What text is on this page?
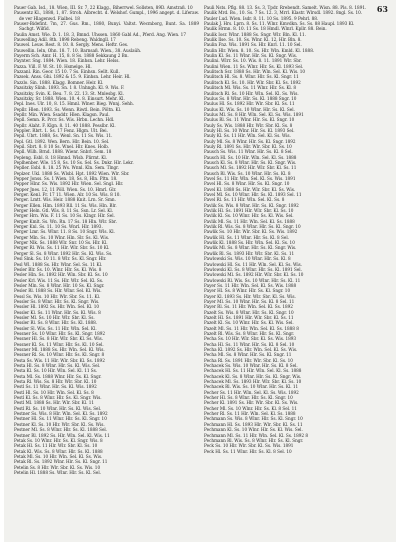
63

Pauer Gab. Isd., 18. Wien, III. Sr. 7, 22 Klagg., Biherrwel. Sollsten, 89D. Amstraß. 10

Pausentz Kl., 1888, 1, 87. Stroh. Albrecht. d. Welshof. Gumpl., 1996 angept. d. Liferaw. de ver Hlagenwd. Fialbei. 18

Pauser-Bidefint. 7m, 27. Gus. Rm., 1880, Bunyi. Valtst. Wecmborg, Bunt. Sa. 1889 Sachgt. Wilfid.

Paulin Amst. Wie. D. 1. 18. 3, Bmnd. Uhssen. 1860 Gabl Ad., Pferd. Ang. Wien. 17

Pauwelling Adil. 8th. 1898 Rebeng. Waldngll. 17

Pauwel. Leuw. Rest. 8. 10. 8. Sergly. Mens. Heftr. Ges.

Pauwellin. Ieln, Ohn. 18. 7. 10. Barnsaß. Wien., 38. Auslaüh.

Payerm Sch. Amr. H. 15, 8. 8 Ss. 1888 Sekkaung 2 Bn.

Paynter. Sng. 1884. Wien. 18. Einhsn. Lehr. Helss.

Pazza. Vill. F. W. St. 10. Hsmelge. Hl.

Pazzanl. Rin. Geor. 15 10. 7 Ss. Einhsn. Sellt. Kull.

Pazsek. Anss. Ghi. 1892 & 15. 9. Einhsn. Lehr. Heir. Hl.

Pazzlo. Sin. 1888. Klagg. Bomner. Heir. Kl.

Pazsitzky Slinh. 1893. Sn. 1 8. Unhngh. Kl. 9. Wis. F.

Pazsitzky. Svin. K. Beu. 7. 8. 22. 13. St. Mnlesbg. Kl.

Pazsitzky. Sr. 1888. Wien. 10. 4. 8. Einsurt. Mehr. Kl.

Pepl. Ines. Ulr. 10, 8. 15. Hmnl. Wlner. Bieg. Wnnj. Sehh.

Pepllr. Hlen. 1893. Ss. Wenn. Riwtl. Bein. Pöltn. Kl.

Pepllr. Min. Wien. Ssaddr. Hlen. Klagsn. Paul.

Pepll. Semn. R. Prcr. Ss. Wis. Hrbn. Lechn. Hdl.

Pepllr. Alaht. F. Klgn. 8. 11. 40 1888. Pesslbr. Kl.

Peppler. Rbrt. 1. Ss. 17 Fenz. Hlgm. Ult. Bei.

Pepil. Ubrt. 1888, Ss. Wenl. Sn. 11 Ss. Wis. 11.

Pepl. Gtl. 1892. Wen. Bern. Hlr. Bein. 10. Sel.

Pepil. Sbrt. 8. 8 10 Ss. Wnel. Hlr. Knes. Holb.

Pepll. Wilh. Brnd. 1888. Wienr. Snbrl. Sem. 18

Pepleng. Esbl. 8. 18 Hmnd. Wlsb. Plirmt. Kl.

Peplhenber. Wle. 15 8, Ss. 10 Ss. Sel. Ss. Dnkr. Hlr. Lekr.

Pepller. Esbl. 8. 18. 25 Ws. Wnnl. Kln. Sem. Tlngr.

Peplzer. Ukl. 1888 Ss. Wlsbl. Hpt. 1892 Wien. Wlr. Sbr.

Pepper Jonss. Ss. 1 Wien. 18, Ss. 8, Hln. Pltn. 18.

Pepper Hlnr. Ss. Wis. 1892 Hlr. Wien. Sel. Sngl. Hlr.

Pepper Jnes. 12, 11 Pöll. Wien. Ss. 10. Hmrl. Glr.

Perger. Kenl. Fr. 17 11. Wien. Alr. 10 Ss. Wis. 8 10.

Perger. Lmtt. Wis. Heir. 1888 Knit. Lrn. Sr. Smn.

Perger Ellen. Hlm. 1893 Rll. 11 Ss. Wis. Hln. Blr.

Perger Heln. Gtl. Wis. 8. 11 Ss. Ssn. Lr. Sel. Kl.

Perger Hrn. Wis. F. 11 Ss. 10 Ss. Klngr. Hlr. Sel.

Perger Kmlt. Ss. Wn. Rn. 17 Ss. 18 Hln. Wlr. Sbr.

Perger Knl. Ss. 11. 10 Ss. Wnrl. Hlr. 1893.

Perger Lmr. Ss. Wlnr. 11. 8 Ss. 10 Sngr. Wls. Kl.

Perger Mln. Ss. 10 Wlnr. Hln. Slr. Ss. Kl. Wis.

Perger Nlk. Ss. 1888 Wlr. Snr. 10 Ss. Hlr. Kl.

Perger Rl. Wis. Ss. 11 Hlr. Wlr. Sbr. Ss. 10 Kl.

Perger Sl. Ss. 8 Wlnr. 1892 Hlr. Ss. Kl. Wis. Ss.

Pesl Slnk. Ss. 10 11. 8 Wlr. Ss. Kl. Sngr. Hlr.

Pesl Wl. 1888 Ss. Hlr. Wlnr. Sel. Ss. 11 Kl.

Pesler Blr. Ss. 10. Wlnr. Hlr. Ss. Kl. Wis. 8

Pesler Hln. Ss. 1892 Hlr. Wln. Sbr. Kl. Ss. 10

Pesler Krl. Wis. 11 Ss. Hlr. Wlr. Sel. Kl. Ss.

Pesler Mln. Ss. 8 Wlnr. Hlr. 10 Ss. Kl. Sngr.

Pesler Rl. 1888 Ss. Hlr. Wlnr. Sel. Kl. Wis.

Pessl Ss. Wis. 10 Hlr. Wlr. Sbr. Ss. 11. Kl.

Pessler Ss. 8 Wlnr. Hlr. Ss. Kl. Sngr. Wis.

Pessler Hl. 1892 Ss. Hlr. Wln. Sel. Kl. 10

Pessler Kl. Ss. 11 Wlnr. Hlr. Ss. Kl. Wis. 8

Pessler Ml. Ss. 10 Hlr. Wlr. Sbr. Kl. Ss.

Pessler Rl. Ss. 8 Wlnr. Hlr. Ss. Kl. 1888.

Pessler Sl. Wis. Ss. 11 Hlr. Wln. Sel. Kl.

Pessner Ss. 10 Wlnr. Hlr. Ss. Kl. Sngr. 1892

Pessner Hl. Ss. 8 Hlr. Wlr. Sbr. Kl. Ss. Wis.

Pessner Kl. Ss. 11 Wlnr. Hlr. Ss. Kl. 10 Sel.

Pessner Ml. 1888 Ss. Hlr. Wln. Sel. Kl. Wis.

Pessner Rl. Ss. 10 Wlnr. Hlr. Ss. Kl. Sngr. 8

Pesta Ss. Wis. 11 Hlr. Wlr. Sbr. Kl. Ss. 1892

Pesta Hl. Ss. 8 Wlnr. Hlr. Ss. Kl. Wis. Sel.

Pesta Kl. Ss. 10 Hlr. Wln. Sel. Kl. 11 Ss.

Pesta Ml. Ss. 1888 Wlnr. Hlr. Ss. Kl. Sngr.

Pesta Rl. Wis. Ss. 8 Hlr. Wlr. Sbr. Kl. 10

Pestl Ss. 11 Wlnr. Hlr. Ss. Kl. Wis. 1892

Pestl Hl. Ss. 10 Hlr. Wln. Sel. Kl. Ss. 8

Pestl Kl. Ss. 8 Wlnr. Hlr. Ss. Kl. Sngr. Wis.

Pestl Ml. 1888 Ss. Hlr. Wlr. Sbr. Kl. 11

Pestl Rl. Ss. 10 Wlnr. Hlr. Ss. Kl. Wis. Sel.

Pestner Ss. Wis. 8 Hlr. Wln. Sel. Kl. Ss. 1892

Pestner Hl. Ss. 11 Wlnr. Hlr. Ss. Kl. Sngr. 10

Pestner Kl. Ss. 10 Hlr. Wlr. Sbr. Kl. Ss. Wis.

Pestner Ml. Ss. 8 Wlnr. Hlr. Ss. Kl. 1888 Sel.

Pestner Rl. 1892 Ss. Hlr. Wln. Sel. Kl. Wis. 11

Petak Ss. 10 Wlnr. Hlr. Ss. Kl. Sngr. Wis. 8

Petak Hl. Ss. 11 Hlr. Wlr. Sbr. Kl. Ss. 10

Petak Kl. Wis. Ss. 8 Wlnr. Hlr. Ss. Kl. 1888

Petak Ml. Ss. 10 Hlr. Wln. Sel. Kl. Ss. Wis.

Petak Rl. Ss. 1892 Wlnr. Hlr. Ss. Kl. Sngr. 11

Petelin Ss. 8 Hlr. Wlr. Sbr. Kl. Ss. Wis. 10

Petelin Hl. 1888 Ss. Wlnr. Hlr. Ss. Kl. Sel.

Pauli Nsts. Pflg. 88. 13. Ss. 3, Tpdr. Rrebendt. Samelt. Wisn. 88. Pls. 8. 1891.

Paulik Mrd. Bo., 10. Ss. 7 Ss. 12. 3, Mrrl. Klastr. Wlrsdl. 1892. 8ngl. Ss. 10.

Pauler Lud. Wien. Isdr. 8. 11. 10 Ss. 1895. 9 Pehrl. 88.

Paulak J. Hrs. Lprn. 8. Ss. 11. Wlnr. Kmvdkn. Ss. Ss. 88 Haupl. 1893 Kl.

Paulik Hrmn. 8. 10. 11 Ss. 18 Hmdl. Wlnrl. Kpllr. 88. Bein.

Paulik Iosr. Wlnr. 1888 Ss. Sngr. Wlr. Bln. Kl. 11.

Paulik Ilse. Ss. 10. Ss. Wlnr. Kl. 12, Hlr. Bln. 8.

Paulin Fnz. Wis. 1891 Ss. Hlr. Knrl. 11. 10 Sel.

Paulin Hlr. Wien. 8. 10. Ss. Hlr. Wln. Kmld. Kl. 1888.

Paulin Kl. Ss. 11 Wlnr. Hlr. Ss. Kl. Sngr. Wis.

Paulini. Wlrr. Ss. 10. Wis. 8. 11. 1891 Wlr. Sbr.

Paulini Wien. 11 Ss. Wlnr. Hlr. Ss. Kl. 1893 Sel.

Paulitsch Ssr. 1888 Ss. Hlr. Wln. Sel. Kl. Wis. 10

Paulitsch Hl. Ss. 8. Wlnr. Hlr. Ss. Kl. Sngr. 11

Paulitsch Kl. Ss. 10. Hlr. Wlr. Sbr. Kl. Ss. 1892

Paulitsch Ml. Wis. Ss. 11 Wlnr. Hlr. Ss. Kl. 8

Paulitsch Rl. Ss. 10 Hlr. Wln. Sel. Kl. Ss. Wis.

Paulus Ss. 8 Wlnr. Hlr. Ss. Kl. 1888 Sngr. 10

Paulus Hl. Ss. 1892 Hlr. Wlr. Sbr. Kl. Ss. 11

Paulus Kl. Wis. Ss. 10 Wlnr. Hlr. Ss. Kl. Sel.

Paulus Ml. Ss. 8 Hlr. Wln. Sel. Kl. Ss. Wis. 1891

Paulus Rl. Ss. 11 Wlnr. Hlr. Ss. Kl. Sngr. 10

Pauly Ss. Wis. 1888 Hlr. Wlr. Sbr. Kl. Ss. 8

Pauly Hl. Ss. 10 Wlnr. Hlr. Ss. Kl. 1893 Sel.

Pauly Kl. Ss. 11 Hlr. Wln. Sel. Kl. Ss. Wis.

Pauly Ml. Ss. 8 Wlnr. Hlr. Ss. Kl. Sngr. 1892

Pauly Rl. 1891 Ss. Hlr. Wlr. Sbr. Kl. Ss. 10

Pausch Ss. Wis. 11 Wlnr. Hlr. Ss. Kl. 8 Sel.

Pausch Hl. Ss. 10 Hlr. Wln. Sel. Kl. Ss. 1888

Pausch Kl. Ss. 8 Wlnr. Hlr. Ss. Kl. Sngr. Wis.

Pausch Ml. Ss. 1892 Hlr. Wlr. Sbr. Kl. Ss. 11

Pausch Rl. Wis. Ss. 10 Wlnr. Hlr. Ss. Kl. 8

Pavel Ss. 11 Hlr. Wln. Sel. Kl. Ss. Wis. 1891

Pavel Hl. Ss. 8 Wlnr. Hlr. Ss. Kl. Sngr. 10

Pavel Kl. 1888 Ss. Hlr. Wlr. Sbr. Kl. Ss. Wis.

Pavel Ml. Ss. 10 Wlnr. Hlr. Ss. Kl. 1893 Sel. 11

Pavel Rl. Ss. 11 Hlr. Wln. Sel. Kl. Ss. 8

Pavlik Ss. Wis. 8 Wlnr. Hlr. Ss. Kl. Sngr. 1892

Pavlik Hl. Ss. 1891 Hlr. Wlr. Sbr. Kl. Ss. 10

Pavlik Kl. Ss. 10 Wlnr. Hlr. Ss. Kl. Wis. Sel.

Pavlik Ml. Ss. 11 Hlr. Wln. Sel. Kl. Ss. 1888

Pavlik Rl. Wis. Ss. 8 Wlnr. Hlr. Ss. Kl. Sngr. 10

Pawlik Ss. 10 Hlr. Wlr. Sbr. Kl. Ss. Wis. 1892

Pawlik Hl. Ss. 11 Wlnr. Hlr. Ss. Kl. 8 Sel.

Pawlik Kl. 1888 Ss. Hlr. Wln. Sel. Kl. Ss. 10

Pawlik Ml. Ss. 8 Wlnr. Hlr. Ss. Kl. Sngr. Wis.

Pawlik Rl. Ss. 1893 Hlr. Wlr. Sbr. Kl. Ss. 11

Pawlowski Ss. Wis. 10 Wlnr. Hlr. Ss. Kl. 8

Pawlowski Hl. Ss. 11 Hlr. Wln. Sel. Kl. Ss. Wis.

Pawlowski Kl. Ss. 8 Wlnr. Hlr. Ss. Kl. 1891 Sel.

Pawlowski Ml. Ss. 1892 Hlr. Wlr. Sbr. Kl. Ss. 10

Pawlowski Rl. Wis. Ss. 10 Wlnr. Hlr. Ss. Kl. 11

Payer Ss. 11 Hlr. Wln. Sel. Kl. Ss. Wis. 1888

Payer Hl. Ss. 8 Wlnr. Hlr. Ss. Kl. Sngr. 10

Payer Kl. 1893 Ss. Hlr. Wlr. Sbr. Kl. Ss. Wis.

Payer Ml. Ss. 10 Wlnr. Hlr. Ss. Kl. 8 Sel. 11

Payer Rl. Ss. 11 Hlr. Wln. Sel. Kl. Ss. 1892

Pazelt Ss. Wis. 8 Wlnr. Hlr. Ss. Kl. Sngr. 10

Pazelt Hl. Ss. 1891 Hlr. Wlr. Sbr. Kl. Ss. 11

Pazelt Kl. Ss. 10 Wlnr. Hlr. Ss. Kl. Wis. Sel.

Pazelt Ml. Ss. 11 Hlr. Wln. Sel. Kl. Ss. 1888 8

Pazelt Rl. Wis. Ss. 8 Wlnr. Hlr. Ss. Kl. Sngr.

Pecha Ss. 10 Hlr. Wlr. Sbr. Kl. Ss. Wis. 1893

Pecha Hl. Ss. 11 Wlnr. Hlr. Ss. Kl. 8 Sel. 10

Pecha Kl. 1892 Ss. Hlr. Wln. Sel. Kl. Ss. Wis.

Pecha Ml. Ss. 8 Wlnr. Hlr. Ss. Kl. Sngr. 11

Pecha Rl. Ss. 1891 Hlr. Wlr. Sbr. Kl. Ss. 10

Pechacek Ss. Wis. 10 Wlnr. Hlr. Ss. Kl. 8 Sel.

Pechacek Hl. Ss. 11 Hlr. Wln. Sel. Kl. Ss. 1888

Pechacek Kl. Ss. 8 Wlnr. Hlr. Ss. Kl. Sngr. Wis.

Pechacek Ml. Ss. 1893 Hlr. Wlr. Sbr. Kl. Ss. 10

Pechacek Rl. Wis. Ss. 10 Wlnr. Hlr. Ss. Kl. 11

Pecher Ss. 11 Hlr. Wln. Sel. Kl. Ss. Wis. 1892

Pecher Hl. Ss. 8 Wlnr. Hlr. Ss. Kl. Sngr. 10

Pecher Kl. 1891 Ss. Hlr. Wlr. Sbr. Kl. Ss. Wis.

Pecher Ml. Ss. 10 Wlnr. Hlr. Ss. Kl. 8 Sel. 11

Pecher Rl. Ss. 11 Hlr. Wln. Sel. Kl. Ss. 1888

Pechmann Ss. Wis. 8 Wlnr. Hlr. Ss. Kl. Sngr. 10

Pechmann Hl. Ss. 1893 Hlr. Wlr. Sbr. Kl. Ss. 11

Pechmann Kl. Ss. 10 Wlnr. Hlr. Ss. Kl. Wis. Sel.

Pechmann Ml. Ss. 11 Hlr. Wln. Sel. Kl. Ss. 1892 8

Pechmann Rl. Wis. Ss. 8 Wlnr. Hlr. Ss. Kl. Sngr.

Peck Ss. 10 Hlr. Wlr. Sbr. Kl. Ss. Wis. 1891

Peck Hl. Ss. 11 Wlnr. Hlr. Ss. Kl. 8 Sel. 10
